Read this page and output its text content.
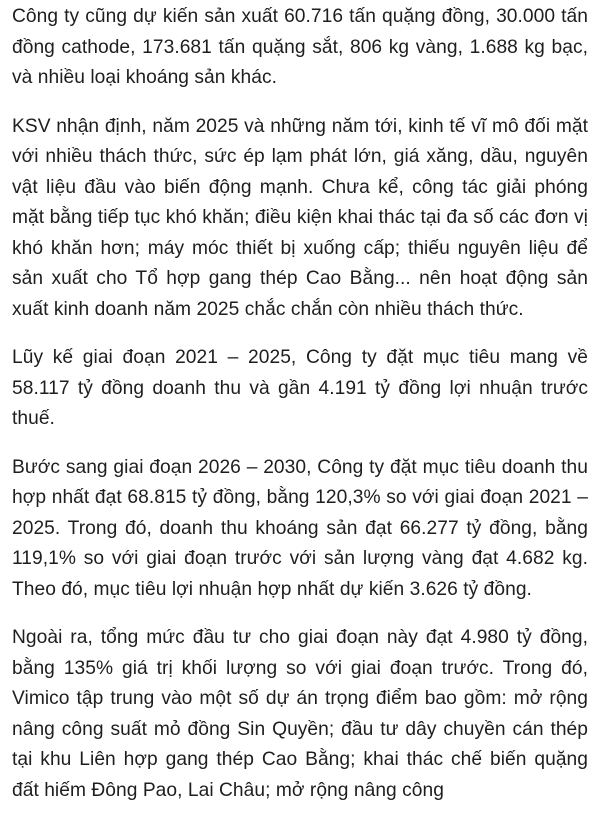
Công ty cũng dự kiến sản xuất 60.716 tấn quặng đồng, 30.000 tấn đồng cathode, 173.681 tấn quặng sắt, 806 kg vàng, 1.688 kg bạc, và nhiều loại khoáng sản khác.

KSV nhận định, năm 2025 và những năm tới, kinh tế vĩ mô đối mặt với nhiều thách thức, sức ép lạm phát lớn, giá xăng, dầu, nguyên vật liệu đầu vào biến động mạnh. Chưa kể, công tác giải phóng mặt bằng tiếp tục khó khăn; điều kiện khai thác tại đa số các đơn vị khó khăn hơn; máy móc thiết bị xuống cấp; thiếu nguyên liệu để sản xuất cho Tổ hợp gang thép Cao Bằng... nên hoạt động sản xuất kinh doanh năm 2025 chắc chắn còn nhiều thách thức.

Lũy kế giai đoạn 2021 – 2025, Công ty đặt mục tiêu mang về 58.117 tỷ đồng doanh thu và gần 4.191 tỷ đồng lợi nhuận trước thuế.

Bước sang giai đoạn 2026 – 2030, Công ty đặt mục tiêu doanh thu hợp nhất đạt 68.815 tỷ đồng, bằng 120,3% so với giai đoạn 2021 – 2025. Trong đó, doanh thu khoáng sản đạt 66.277 tỷ đồng, bằng 119,1% so với giai đoạn trước với sản lượng vàng đạt 4.682 kg. Theo đó, mục tiêu lợi nhuận hợp nhất dự kiến 3.626 tỷ đồng.

Ngoài ra, tổng mức đầu tư cho giai đoạn này đạt 4.980 tỷ đồng, bằng 135% giá trị khối lượng so với giai đoạn trước. Trong đó, Vimico tập trung vào một số dự án trọng điểm bao gồm: mở rộng nâng công suất mỏ đồng Sin Quyền; đầu tư dây chuyền cán thép tại khu Liên hợp gang thép Cao Bằng; khai thác chế biến quặng đất hiếm Đông Pao, Lai Châu; mở rộng nâng công
